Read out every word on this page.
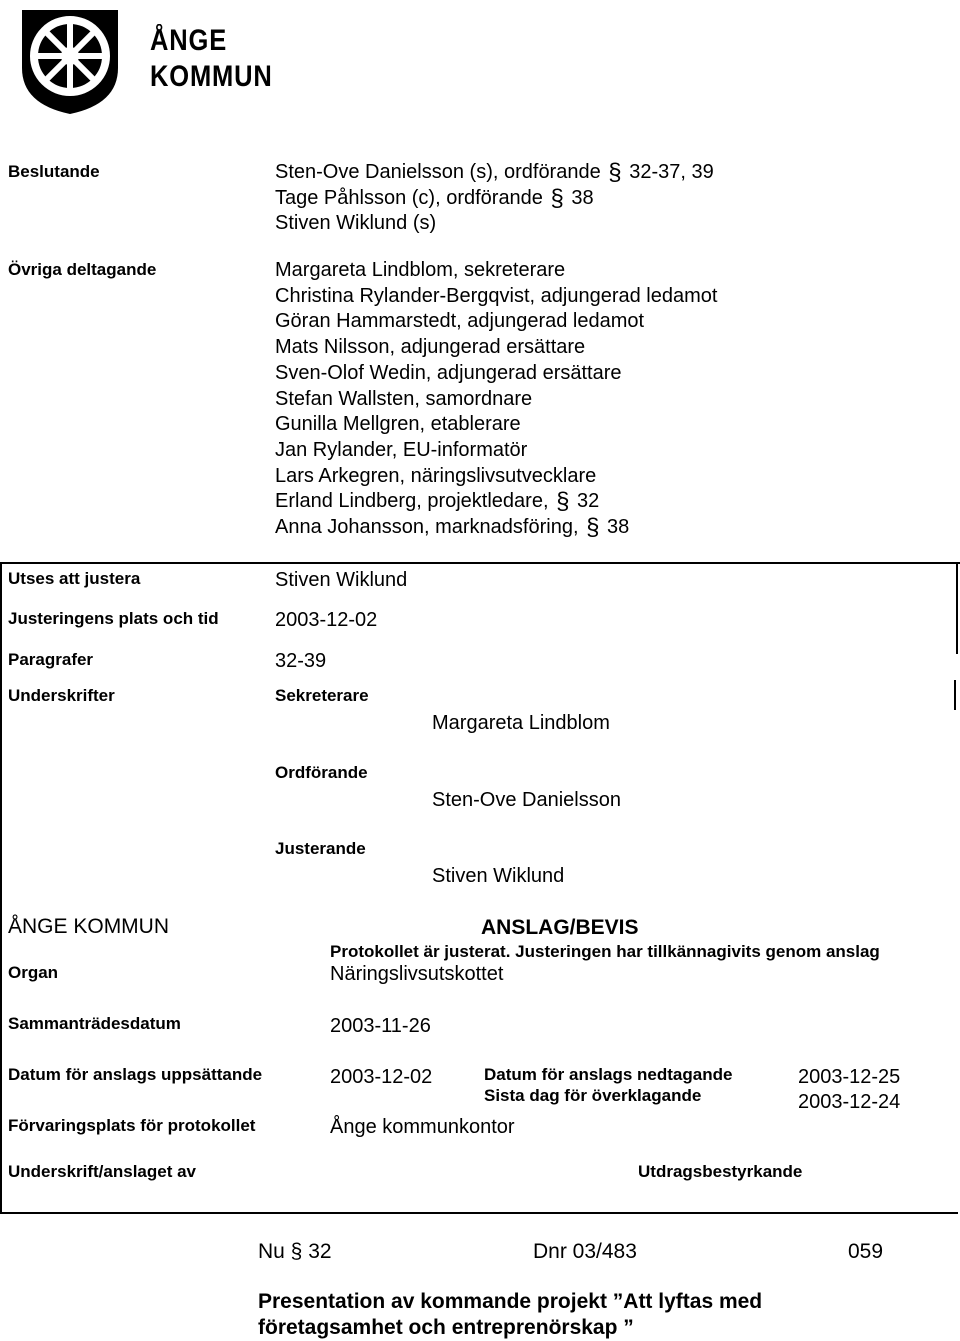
ÅNGE
KOMMUN
Beslutande	Sten-Ove Danielsson (s), ordförande § 32-37, 39
Tage Påhlsson (c), ordförande § 38
Stiven Wiklund (s)
Övriga deltagande	Margareta Lindblom, sekreterare
Christina Rylander-Bergqvist, adjungerad ledamot
Göran Hammarstedt, adjungerad ledamot
Mats Nilsson, adjungerad ersättare
Sven-Olof Wedin, adjungerad ersättare
Stefan Wallsten, samordnare
Gunilla Mellgren, etablerare
Jan Rylander, EU-informatör
Lars Arkegren, näringslivsutvecklare
Erland Lindberg, projektledare, § 32
Anna Johansson, marknadsföring, § 38
Utses att justera	Stiven Wiklund
Justeringens plats och tid	2003-12-02
Paragrafer	32-39
Underskrifter	Sekreterare
Margareta Lindblom
Ordförande
Sten-Ove Danielsson
Justerande
Stiven Wiklund
ÅNGE KOMMUN	ANSLAG/BEVIS
Protokollet är justerat. Justeringen har tillkännagivits genom anslag
Organ	Näringslivsutskottet
Sammanträdesdatum	2003-11-26
Datum för anslags uppsättande	2003-12-02	Datum för anslags nedtagande	2003-12-25
Sista dag för överklagande	2003-12-24
Förvaringsplats för protokollet	Ånge kommunkontor
Underskrift/anslaget av	Utdragsbestyrkande
Nu § 32	Dnr 03/483	059
Presentation av kommande projekt ”Att lyftas med
företagsamhet och entreprenörskap ”
